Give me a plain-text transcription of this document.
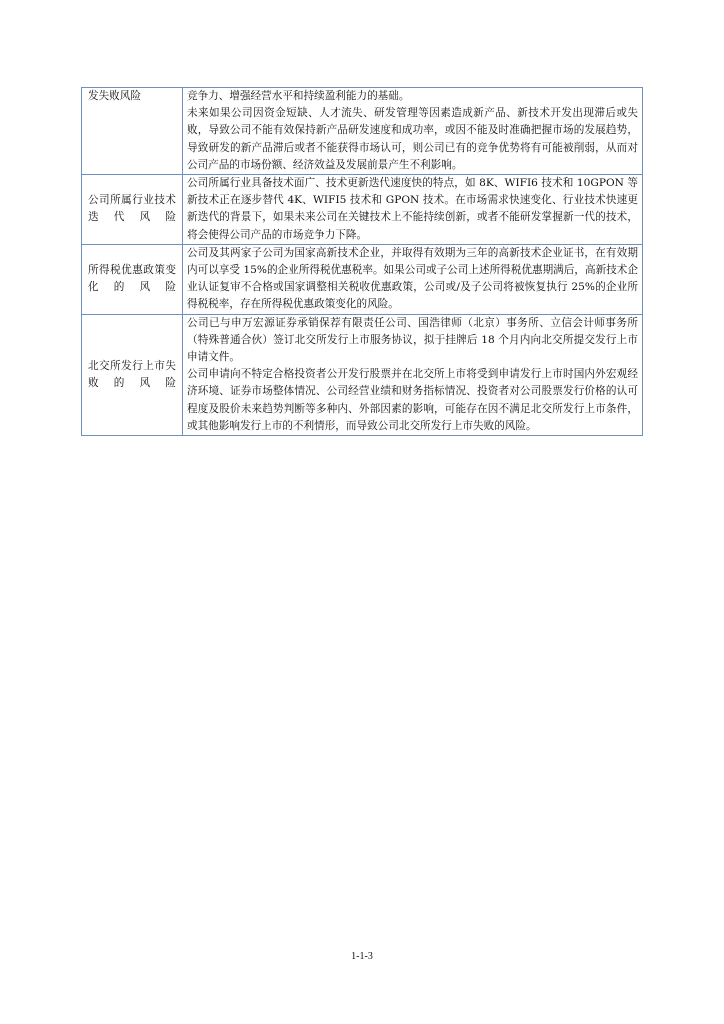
发失败风险	竞争力、增强经营水平和持续盈利能力的基础。
未来如果公司因资金短缺、人才流失、研发管理等因素造成新产品、新技术开发出现滞后或失败，导致公司不能有效保持新产品研发速度和成功率，或因不能及时准确把握市场的发展趋势，导致研发的新产品滞后或者不能获得市场认可，则公司已有的竞争优势将有可能被削弱，从而对公司产品的市场份额、经济效益及发展前景产生不利影响。

公司所属行业技术迭代风险	公司所属行业具备技术面广、技术更新迭代速度快的特点，如 8K、WIFI6 技术和 10GPON 等新技术正在逐步替代 4K、WIFI5 技术和 GPON 技术。在市场需求快速变化、行业技术快速更新迭代的背景下，如果未来公司在关键技术上不能持续创新，或者不能研发掌握新一代的技术，将会使得公司产品的市场竞争力下降。

所得税优惠政策变化的风险	公司及其两家子公司为国家高新技术企业，并取得有效期为三年的高新技术企业证书，在有效期内可以享受 15%的企业所得税优惠税率。如果公司或子公司上述所得税优惠期满后，高新技术企业认证复审不合格或国家调整相关税收优惠政策，公司或/及子公司将被恢复执行 25%的企业所得税税率，存在所得税优惠政策变化的风险。

北交所发行上市失败的风险	公司已与申万宏源证券承销保荐有限责任公司、国浩律师（北京）事务所、立信会计师事务所（特殊普通合伙）签订北交所发行上市服务协议，拟于挂牌后 18 个月内向北交所提交发行上市申请文件。
公司申请向不特定合格投资者公开发行股票并在北交所上市将受到申请发行上市时国内外宏观经济环境、证券市场整体情况、公司经营业绩和财务指标情况、投资者对公司股票发行价格的认可程度及股价未来趋势判断等多种内、外部因素的影响，可能存在因不满足北交所发行上市条件，或其他影响发行上市的不利情形，而导致公司北交所发行上市失败的风险。
1-1-3
